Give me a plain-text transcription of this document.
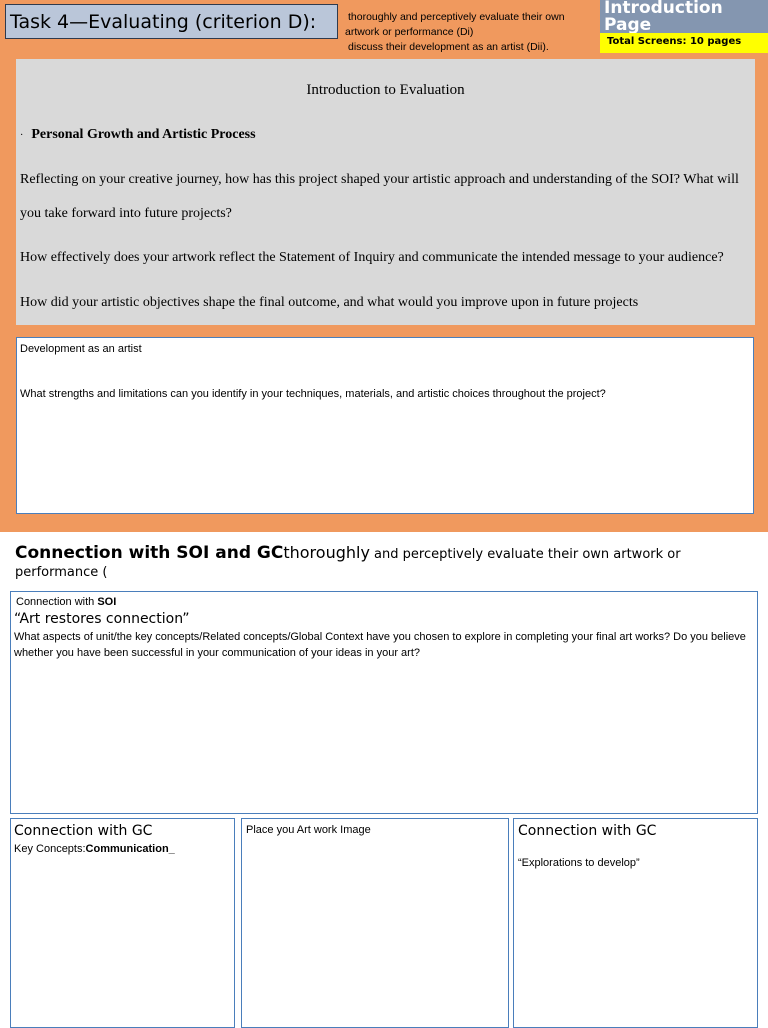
Task 4—Evaluating (criterion D):	thoroughly and perceptively evaluate their own
artwork or performance (Di)
discuss their development as an artist (Dii).
Introduction Page
Total Screens: 10 pages
Introduction to Evaluation
· Personal Growth and Artistic Process
Reflecting on your creative journey, how has this project shaped your artistic approach and understanding of the SOI? What will you take forward into future projects?
How effectively does your artwork reflect the Statement of Inquiry and communicate the intended message to your audience?
How did your artistic objectives shape the final outcome, and what would you improve upon in future projects
Development as an artist
What strengths and limitations can you identify in your techniques, materials, and artistic choices throughout the project?
Connection with SOI and GCthoroughly and perceptively evaluate their own artwork or
performance (
Connection with SOI
“Art restores connection”
What aspects of unit/the key concepts/Related concepts/Global Context have you chosen to explore in completing your final art works? Do you believe whether you have been successful in your communication of your ideas in your art?
Connection with GC
Key Concepts:Communication_
Place you Art work Image	Connection with GC
“Explorations to develop”
